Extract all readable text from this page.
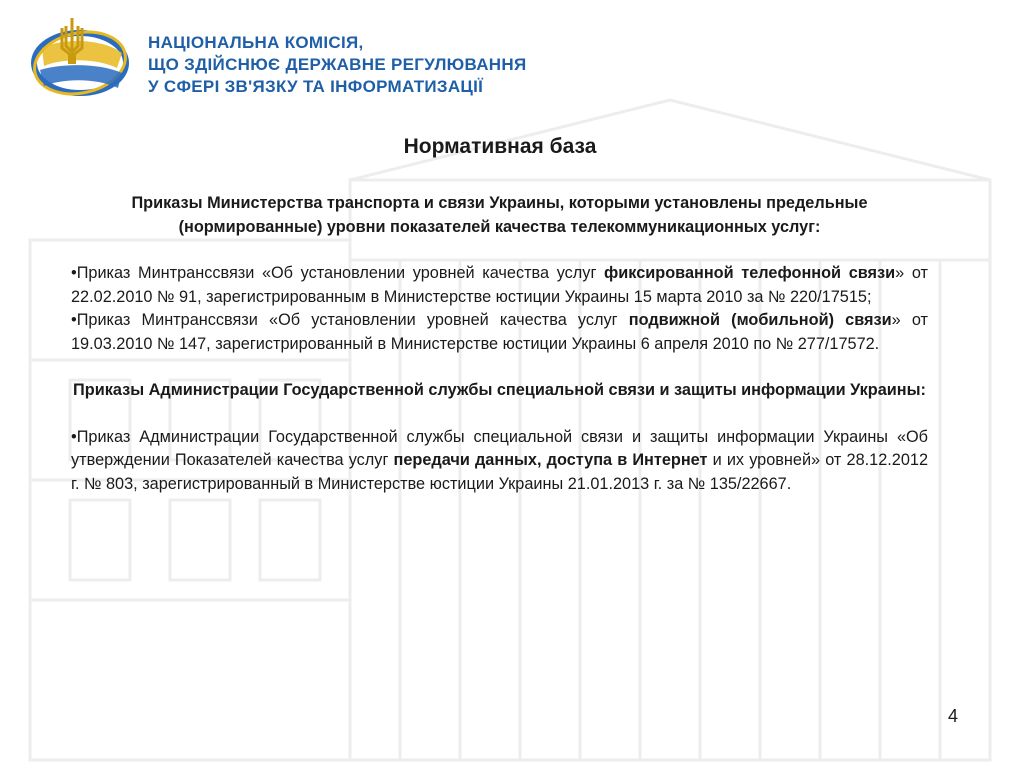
НАЦІОНАЛЬНА КОМІСІЯ,
ЩО ЗДІЙСНЮЄ ДЕРЖАВНЕ РЕГУЛЮВАННЯ
У СФЕРІ ЗВ'ЯЗКУ ТА ІНФОРМАТИЗАЦІЇ
Нормативная база

Приказы Министерства транспорта и связи Украины, которыми установлены предельные (нормированные) уровни показателей качества телекоммуникационных услуг:

•Приказ Минтранссвязи «Об установлении уровней качества услуг фиксированной телефонной связи» от 22.02.2010 № 91, зарегистрированным в Министерстве юстиции Украины 15 марта 2010 за № 220/17515;

•Приказ Минтранссвязи «Об установлении уровней качества услуг подвижной (мобильной) связи» от 19.03.2010 № 147, зарегистрированный в Министерстве юстиции Украины 6 апреля 2010 по № 277/17572.

Приказы Администрации Государственной службы специальной связи и защиты информации Украины:

•Приказ Администрации Государственной службы специальной связи и защиты информации Украины «Об утверждении Показателей качества услуг передачи данных, доступа в Интернет и их уровней» от 28.12.2012 г. № 803, зарегистрированный в Министерстве юстиции Украины 21.01.2013 г. за № 135/22667.

4
